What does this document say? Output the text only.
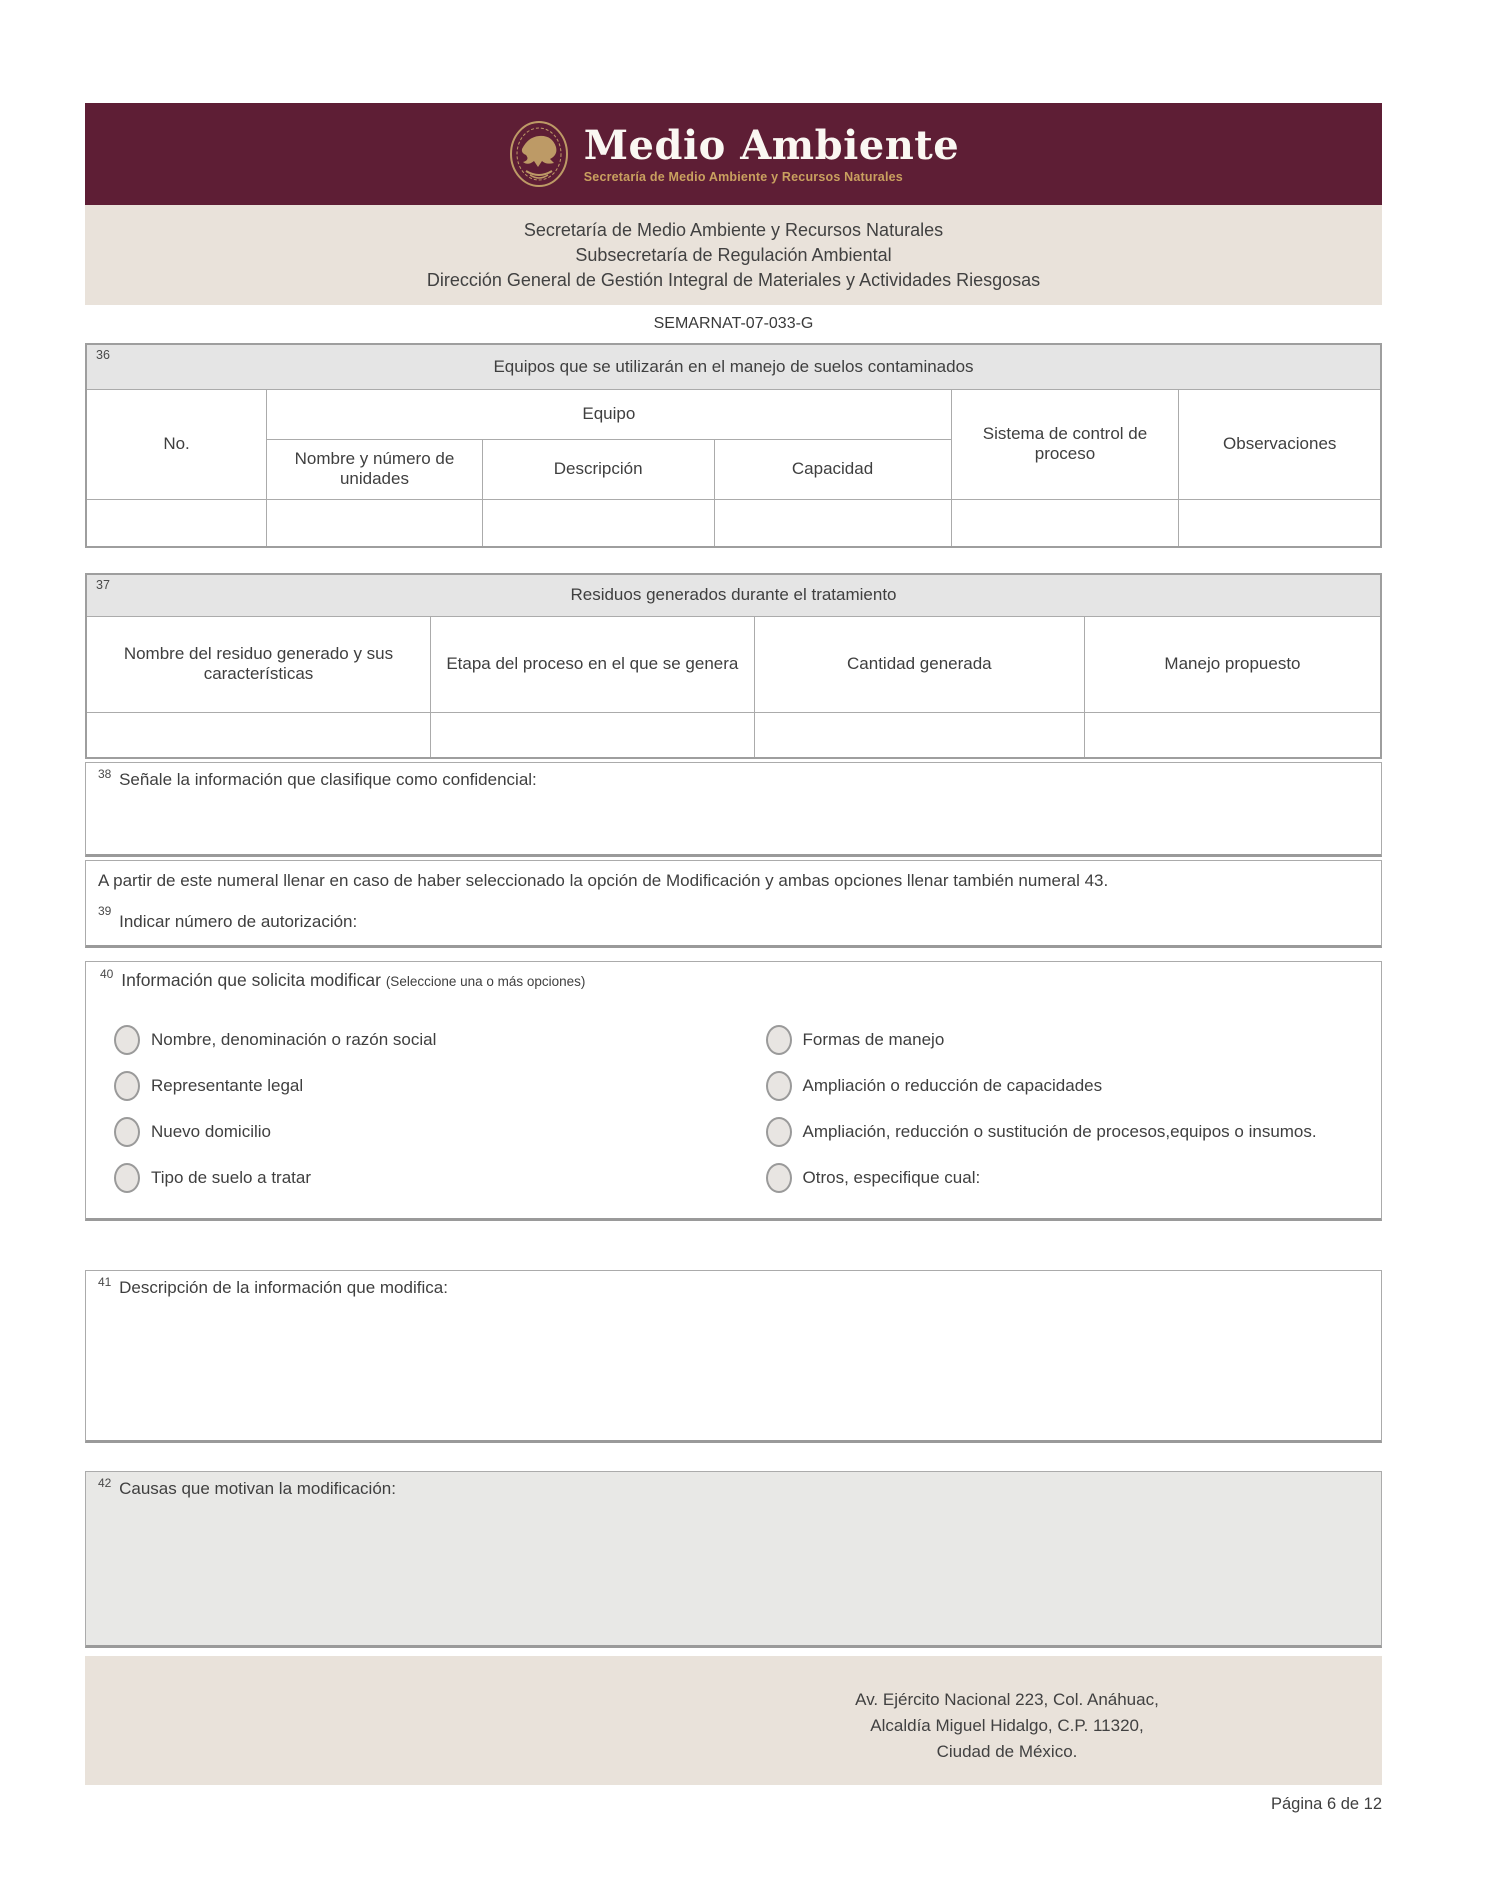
Medio Ambiente
Secretaría de Medio Ambiente y Recursos Naturales
Secretaría de Medio Ambiente y Recursos Naturales
Subsecretaría de Regulación Ambiental
Dirección General de Gestión Integral de Materiales y Actividades Riesgosas
SEMARNAT-07-033-G
36
Equipos que se utilizarán en el manejo de suelos contaminados					
No.	Equipo			Sistema de control de proceso	Observaciones
	Nombre y número de unidades	Descripción	Capacidad		

37
Residuos generados durante el tratamiento			
Nombre del residuo generado y sus características	Etapa del proceso en el que se genera	Cantidad generada	Manejo propuesto

$^{38}$ Señale la información que clasifique como confidencial:
A partir de este numeral llenar en caso de haber seleccionado la opción de Modificación y ambas opciones llenar también numeral 43.
$^{39}$ Indicar número de autorización:
$^{40}$ Información que solicita modificar (Seleccione una o más opciones)
Nombre, denominación o razón social	Formas de manejo
Representante legal	Ampliación o reducción de capacidades
Nuevo domicilio	Ampliación, reducción o sustitución de procesos,equipos o insumos.
Tipo de suelo a tratar	Otros, especifique cual:
$^{41}$ Descripción de la información que modifica:
$^{42}$ Causas que motivan la modificación:
Av. Ejército Nacional 223, Col. Anáhuac,
Alcaldía Miguel Hidalgo, C.P. 11320,
Ciudad de México.
Página 6 de 12
